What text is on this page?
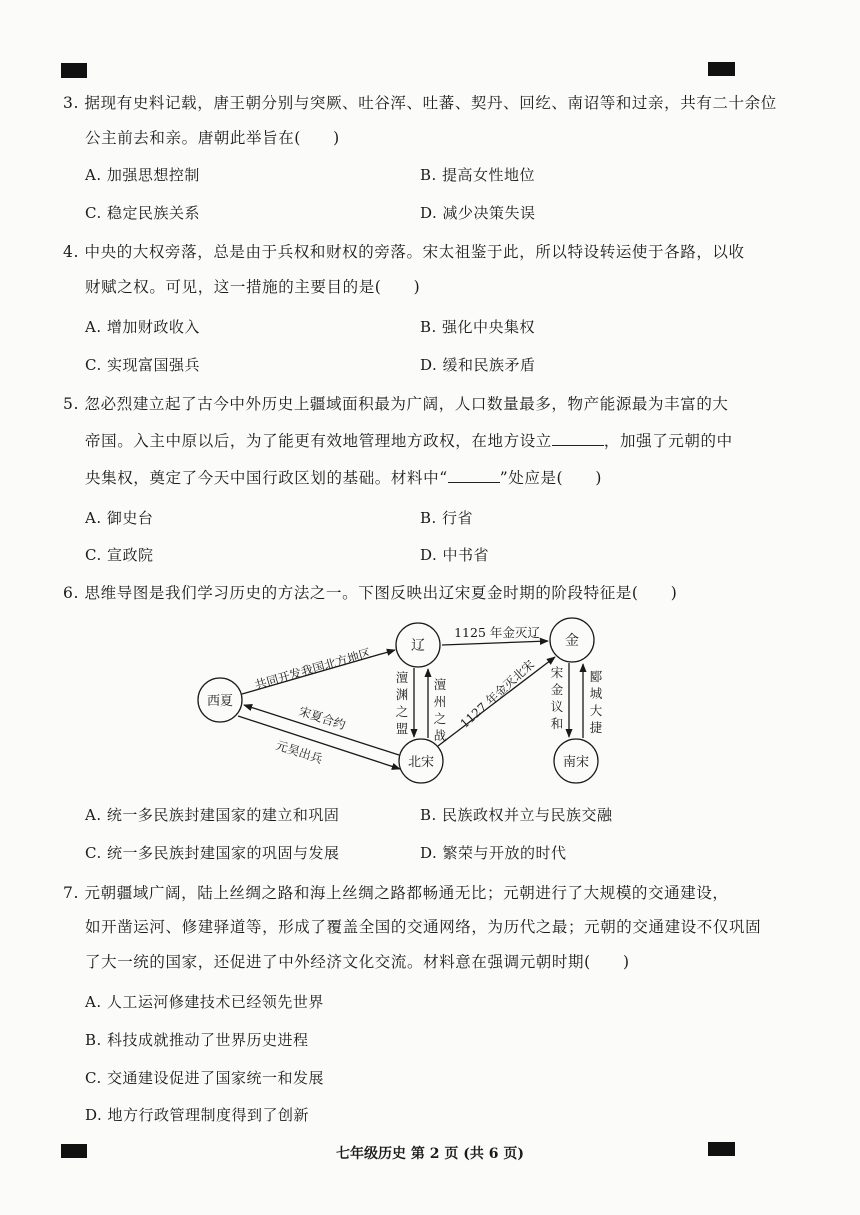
3. 据现有史料记载，唐王朝分别与突厥、吐谷浑、吐蕃、契丹、回纥、南诏等和过亲，共有二十余位
公主前去和亲。唐朝此举旨在(　　)
A. 加强思想控制	B. 提高女性地位
C. 稳定民族关系	D. 减少决策失误
4. 中央的大权旁落，总是由于兵权和财权的旁落。宋太祖鉴于此，所以特设转运使于各路，以收
财赋之权。可见，这一措施的主要目的是(　　)
A. 增加财政收入	B. 强化中央集权
C. 实现富国强兵	D. 缓和民族矛盾
5. 忽必烈建立起了古今中外历史上疆域面积最为广阔，人口数量最多，物产能源最为丰富的大
帝国。入主中原以后，为了能更有效地管理地方政权，在地方设立	，加强了元朝的中
央集权，奠定了今天中国行政区划的基础。材料中“	”处应是(　　)
A. 御史台	B. 行省
C. 宣政院	D. 中书省
6. 思维导图是我们学习历史的方法之一。下图反映出辽宋夏金时期的阶段特征是(　　)
辽	金
西夏
北宋	南宋
1125 年金灭辽
共同开发我国北方地区 澶
渊
之
盟
澶
州
之
战
1127 年金灭北宋 宋
金
议
和
郾
城
大
捷
宋夏合约
元昊出兵
A. 统一多民族封建国家的建立和巩固	B. 民族政权并立与民族交融
C. 统一多民族封建国家的巩固与发展	D. 繁荣与开放的时代
7. 元朝疆域广阔，陆上丝绸之路和海上丝绸之路都畅通无比；元朝进行了大规模的交通建设，
如开凿运河、修建驿道等，形成了覆盖全国的交通网络，为历代之最；元朝的交通建设不仅巩固
了大一统的国家，还促进了中外经济文化交流。材料意在强调元朝时期(　　)
A. 人工运河修建技术已经领先世界
B. 科技成就推动了世界历史进程
C. 交通建设促进了国家统一和发展
D. 地方行政管理制度得到了创新
七年级历史 第 2 页 (共 6 页)
